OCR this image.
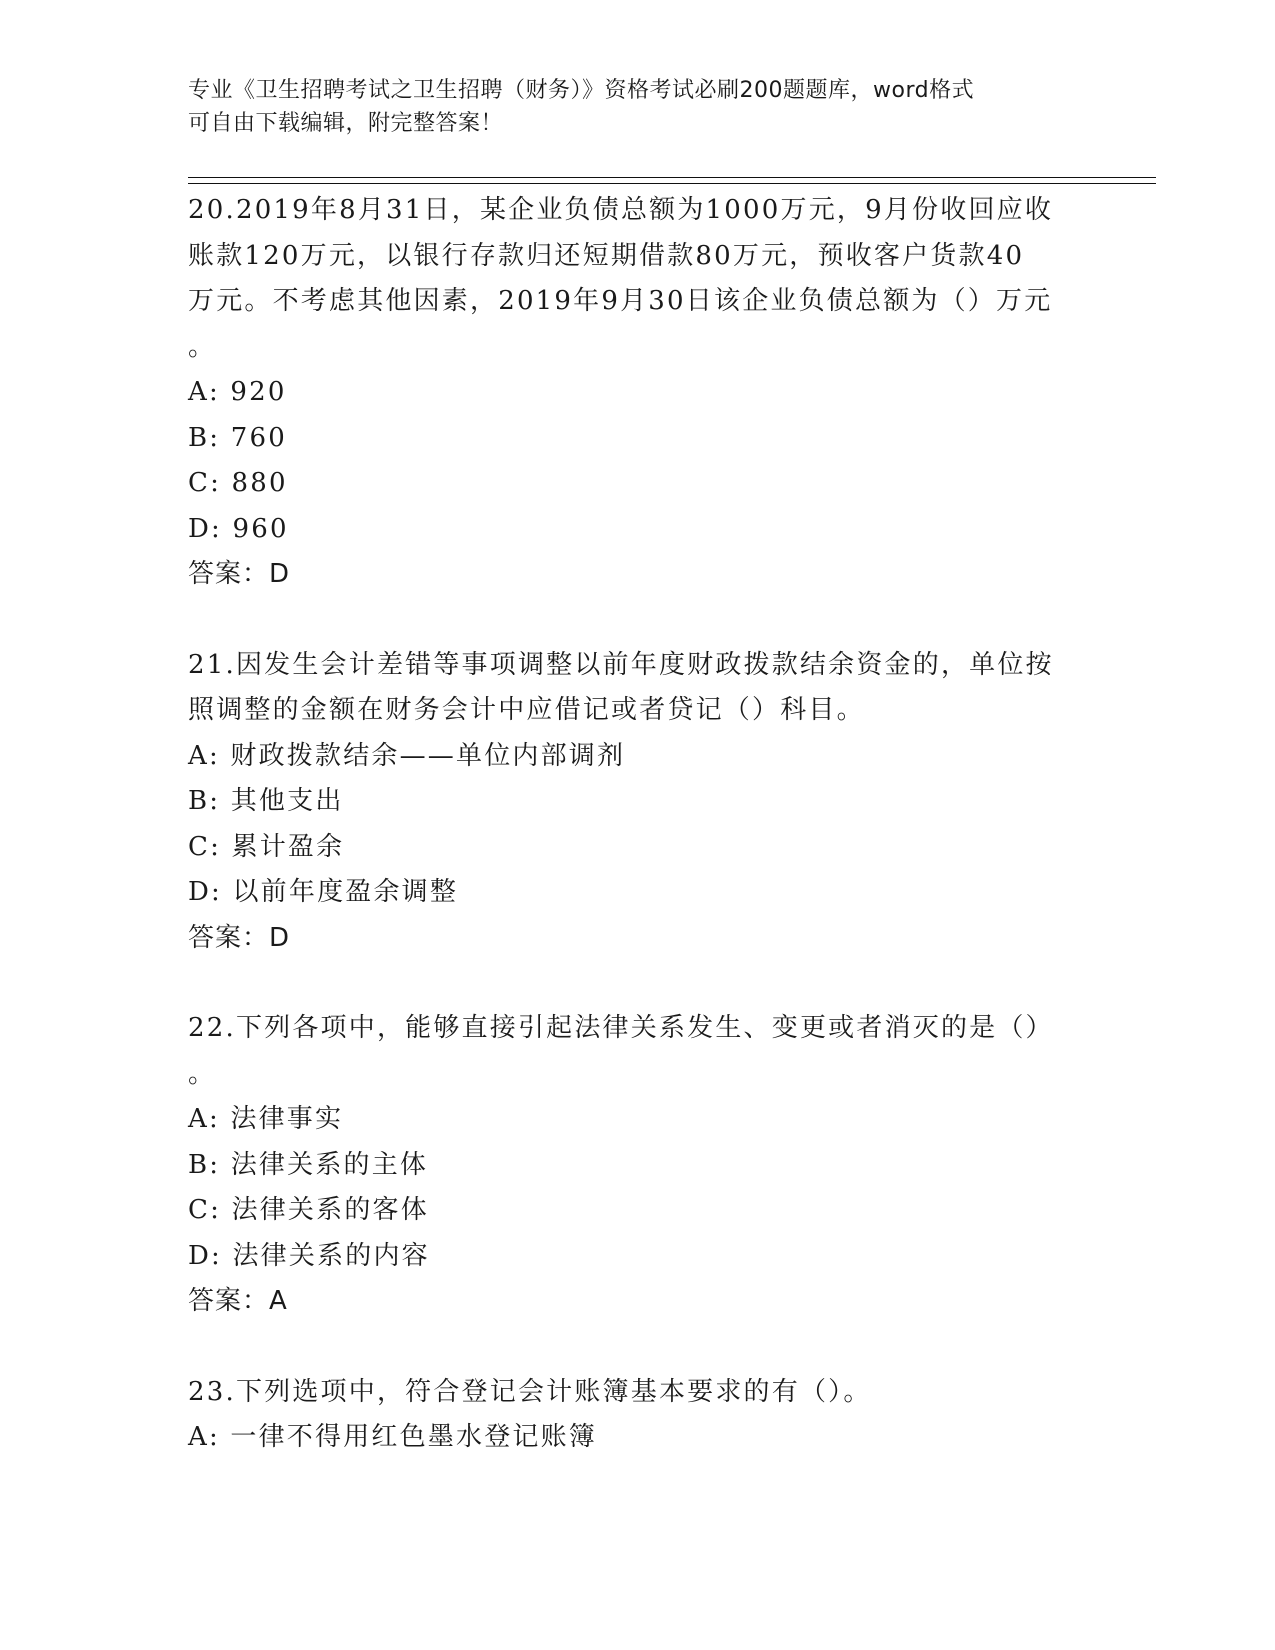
专业《卫生招聘考试之卫生招聘（财务）》资格考试必刷200题题库，word格式
可自由下载编辑，附完整答案！
20.2019年8月31日，某企业负债总额为1000万元，9月份收回应收
账款120万元，以银行存款归还短期借款80万元，预收客户货款40
万元。不考虑其他因素，2019年9月30日该企业负债总额为（）万元
。
A: 920
B: 760
C: 880
D: 960
答案：D
21.因发生会计差错等事项调整以前年度财政拨款结余资金的，单位按
照调整的金额在财务会计中应借记或者贷记（）科目。
A: 财政拨款结余——单位内部调剂
B: 其他支出
C: 累计盈余
D: 以前年度盈余调整
答案：D
22.下列各项中，能够直接引起法律关系发生、变更或者消灭的是（）
。
A: 法律事实
B: 法律关系的主体
C: 法律关系的客体
D: 法律关系的内容
答案：A
23.下列选项中，符合登记会计账簿基本要求的有（）。
A: 一律不得用红色墨水登记账簿
